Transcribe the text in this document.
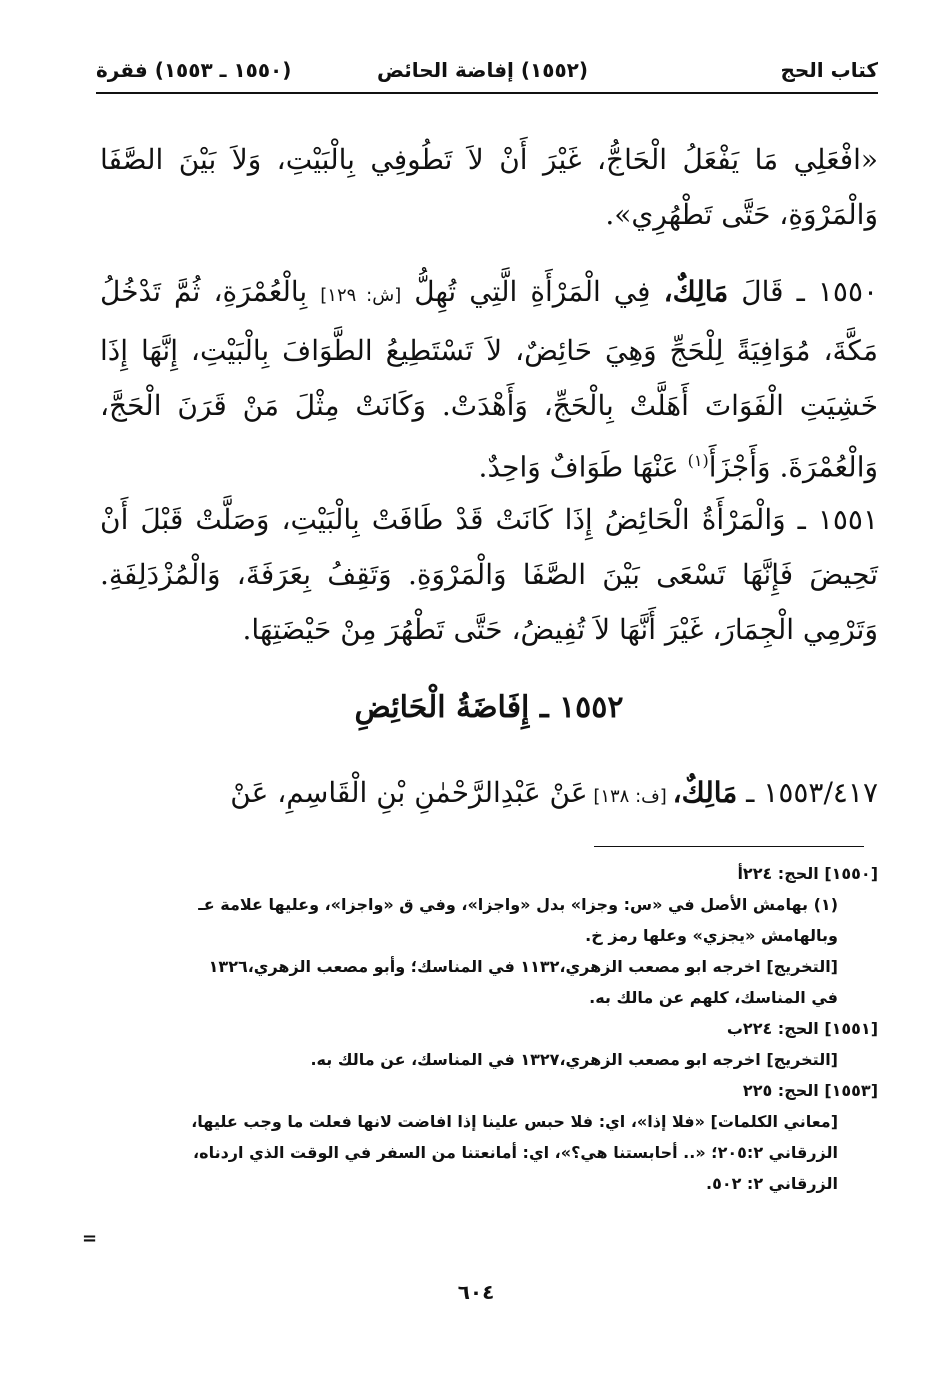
كتاب الحج
(١٥٥٢) إفاضة الحائض
(١٥٥٠ ـ ١٥٥٣) فقرة
«افْعَلِي مَا يَفْعَلُ الْحَاجُّ، غَيْرَ أَنْ لاَ تَطُوفِي بِالْبَيْتِ، وَلاَ بَيْنَ الصَّفَا وَالْمَرْوَةِ، حَتَّى تَطْهُرِي».
١٥٥٠ ـ قَالَ مَالِكٌ، فِي الْمَرْأَةِ الَّتِي تُهِلُّ [ش: ١٢٩] بِالْعُمْرَةِ، ثُمَّ تَدْخُلُ مَكَّةَ، مُوَافِيَةً لِلْحَجِّ وَهِيَ حَائِضٌ، لاَ تَسْتَطِيعُ الطَّوَافَ بِالْبَيْتِ، إِنَّهَا إِذَا خَشِيَتِ الْفَوَاتَ أَهَلَّتْ بِالْحَجِّ، وَأَهْدَتْ. وَكَانَتْ مِثْلَ مَنْ قَرَنَ الْحَجَّ، وَالْعُمْرَةَ. وَأَجْزَأَ$^{(١)}$ عَنْهَا طَوَافٌ وَاحِدٌ.
١٥٥١ ـ وَالْمَرْأَةُ الْحَائِضُ إِذَا كَانَتْ قَدْ طَافَتْ بِالْبَيْتِ، وَصَلَّتْ قَبْلَ أَنْ تَحِيضَ فَإِنَّهَا تَسْعَى بَيْنَ الصَّفَا وَالْمَرْوَةِ. وَتَقِفُ بِعَرَفَةَ، وَالْمُزْدَلِفَةِ. وَتَرْمِي الْجِمَارَ، غَيْرَ أَنَّهَا لاَ تُفِيضُ، حَتَّى تَطْهُرَ مِنْ حَيْضَتِهَا.
١٥٥٢ ـ إِفَاضَةُ الْحَائِضِ
١٥٥٣/٤١٧ ـ مَالِكٌ، [ف: ١٣٨] عَنْ عَبْدِالرَّحْمٰنِ بْنِ الْقَاسِمِ، عَنْ
[١٥٥٠] الحج: ٢٢٤أ
(١) بهامش الأصل في «س: وجزا» بدل «واجزا»، وفي ق «واجزا»، وعليها علامة عـ
وبالهامش «يجزي» وعلها رمز خ.
[التخريج] اخرجه ابو مصعب الزهري،١١٣٢ في المناسك؛ وأبو مصعب الزهري،١٣٢٦
في المناسك، كلهم عن مالك به.
[١٥٥١] الحج: ٢٢٤ب
[التخريج] اخرجه ابو مصعب الزهري،١٣٢٧ في المناسك، عن مالك به.
[١٥٥٣] الحج: ٢٢٥
[معاني الكلمات] «فلا إذا»، اي: فلا حبس علينا إذا افاضت لانها فعلت ما وجب عليها،
الزرقاني ٢٠٥:٢؛ «.. أحابستنا هي؟»، اي: أمانعتنا من السفر في الوقت الذي اردناه،
الزرقاني ٢: ٥٠٢.
=
٦٠٤
